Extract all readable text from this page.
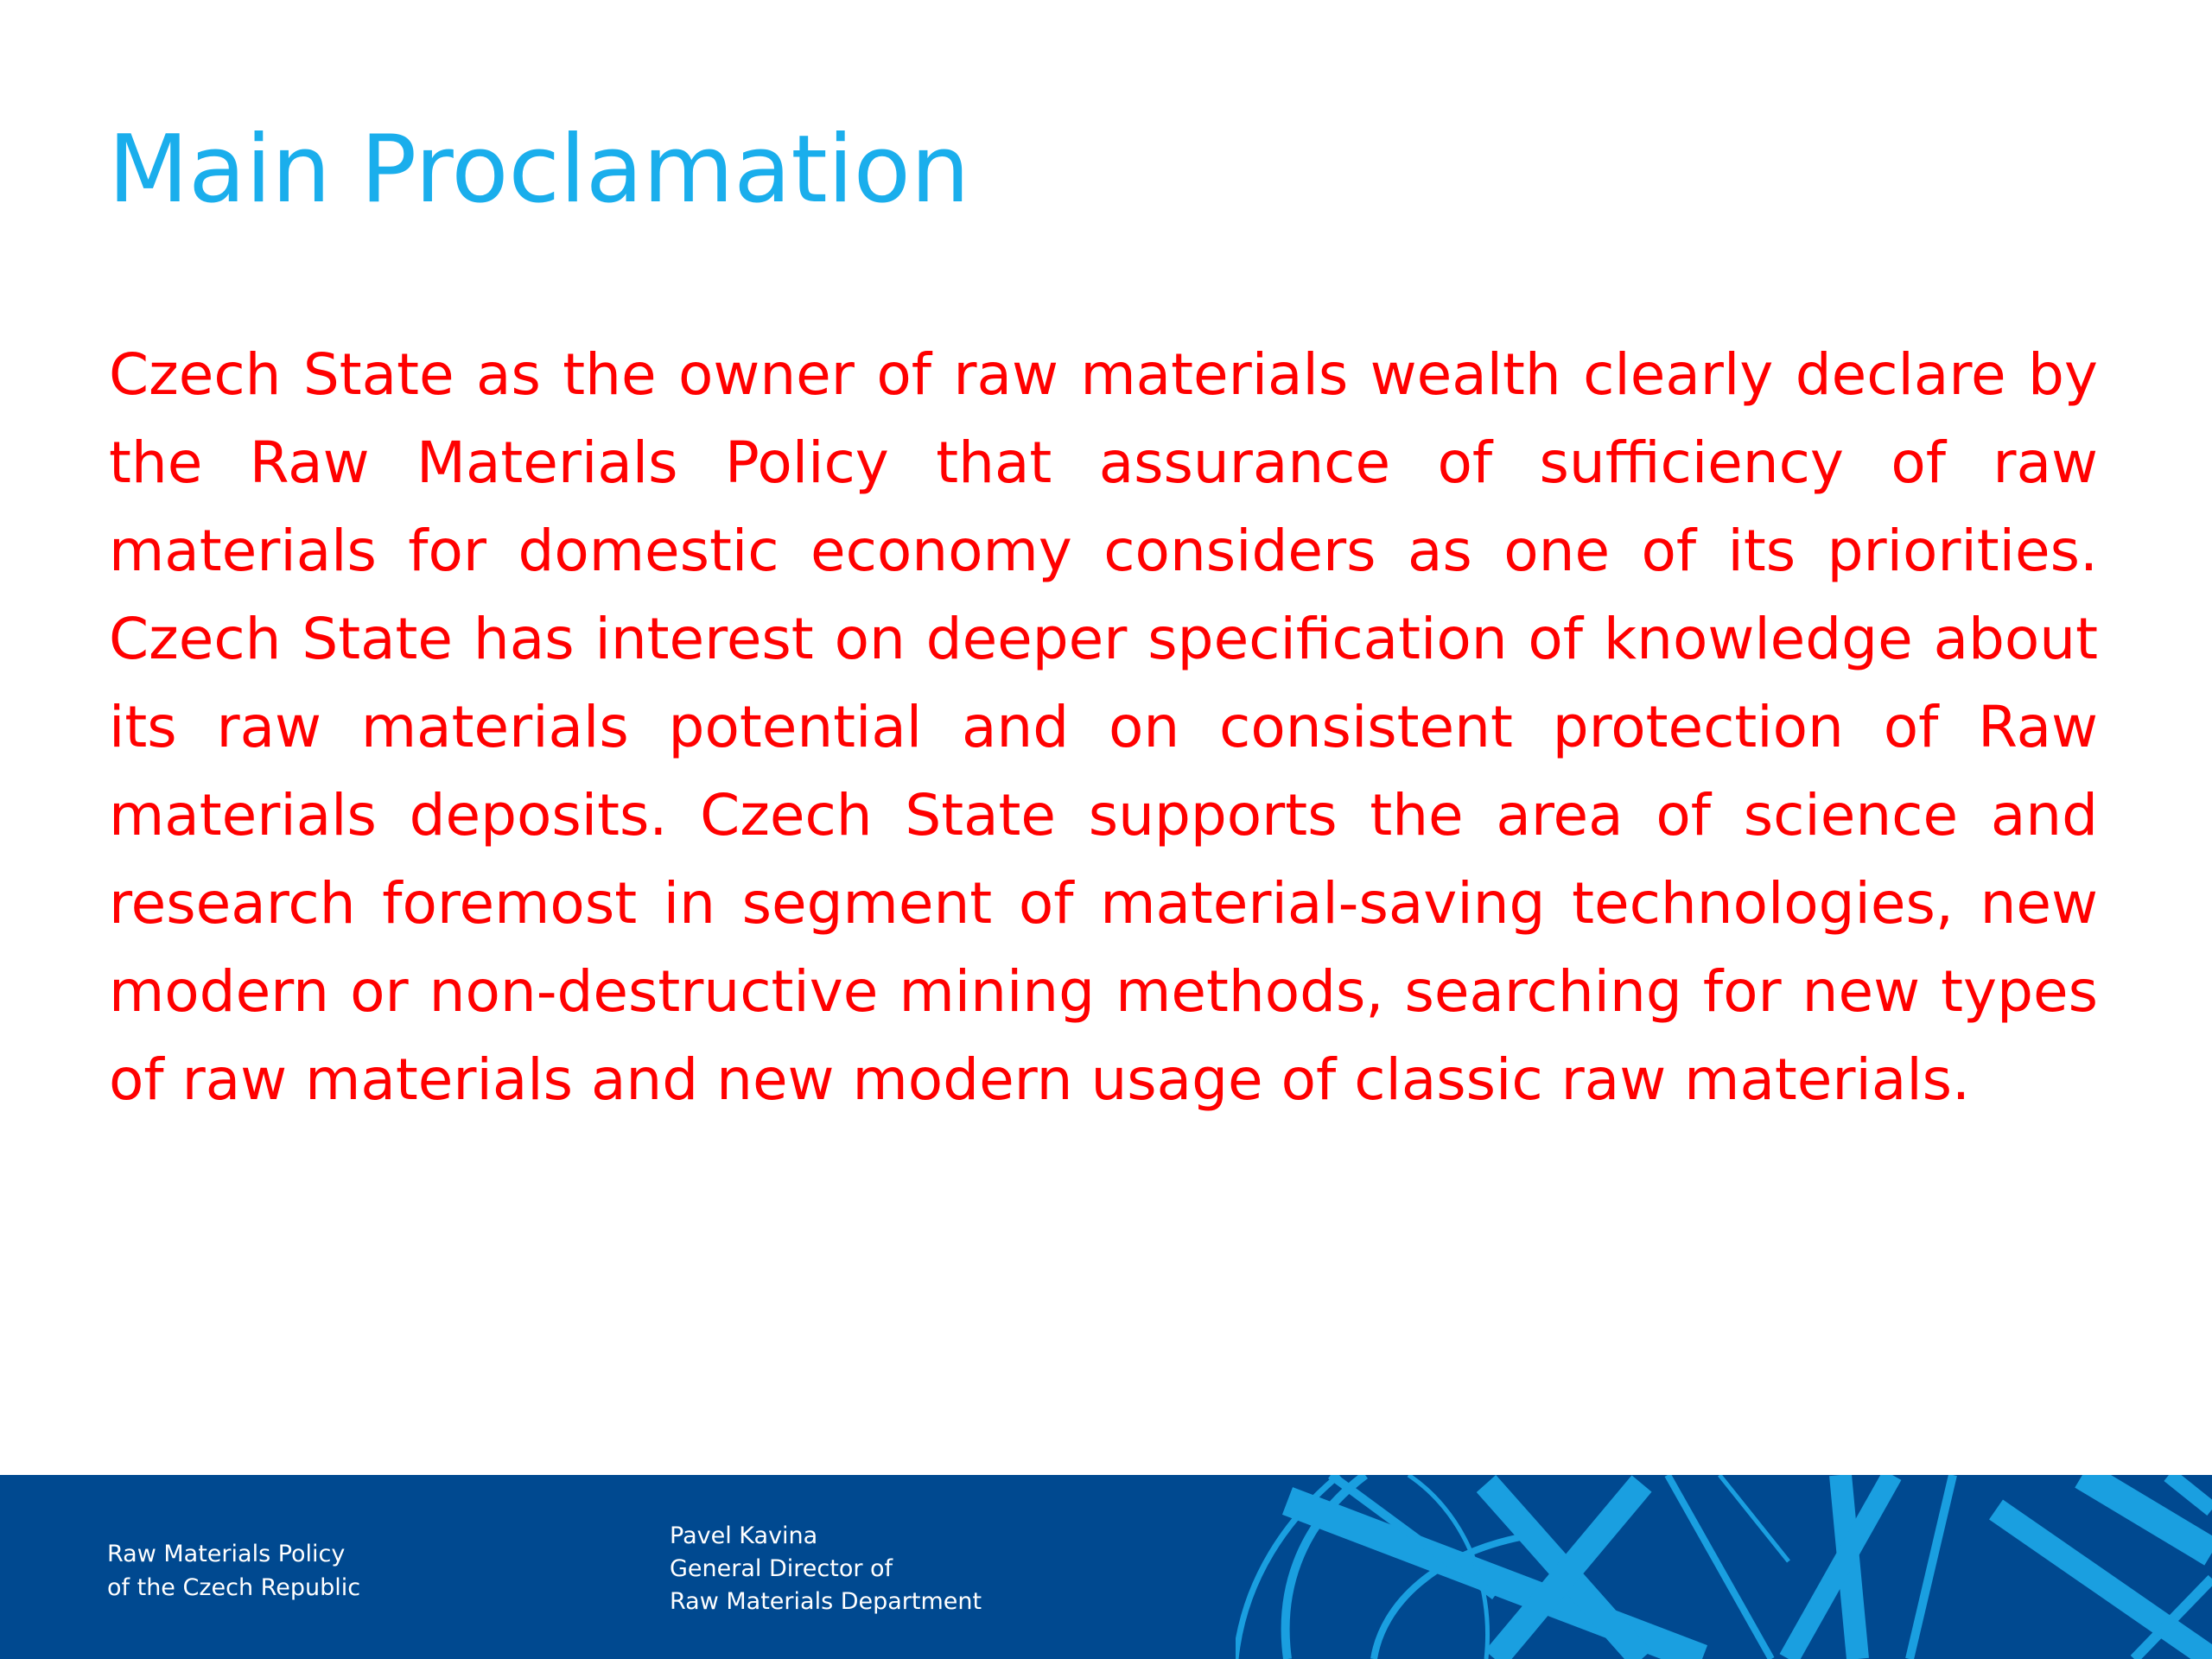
Main Proclamation

Czech State as the owner of raw materials wealth clearly declare by the Raw Materials Policy that assurance of sufficiency of raw materials for domestic economy considers as one of its priorities. Czech State has interest on deeper specification of knowledge about its raw materials potential and on consistent protection of Raw materials deposits. Czech State supports the area of science and research foremost in segment of material-saving technologies, new modern or non-destructive mining methods, searching for new types of raw materials and new modern usage of classic raw materials.

Raw Materials Policy
of the Czech Republic
Pavel Kavina
General Director of
Raw Materials Department
